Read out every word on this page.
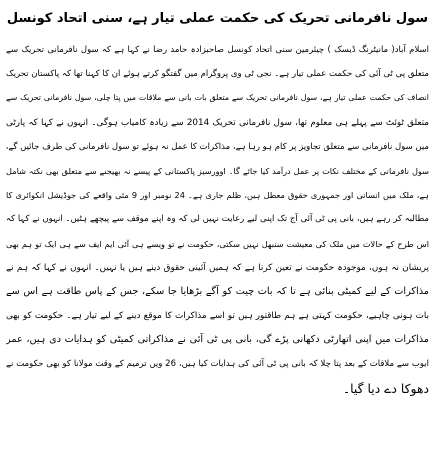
سول نافرمانی تحریک کی حکمت عملی تیار ہے، سنی اتحاد کونسل
اسلام آباد( مانیٹرنگ ڈیسک ) چیئرمین سنی اتحاد کونسل صاحبزادہ حامد رضا نے کہا ہے کہ سول نافرمانی تحریک سے
متعلق پی ٹی آئی کی حکمت عملی تیار ہے۔ نجی ٹی وی پروگرام میں گفتگو کرتے ہوئے ان کا کہنا تھا کہ پاکستان تحریک
انصاف کی حکمت عملی تیار ہے، سول نافرمانی تحریک سے متعلق بات بانی سے ملاقات میں پتا چلی، سول نافرمانی تحریک سے
متعلق ٹوئٹ سے پہلے ہی معلوم تھا، سول نافرمانی تحریک 2014 سے زیادہ کامیاب ہوگی۔ انہوں نے کہا کہ پارٹی
میں سول نافرمانی سے متعلق تجاویز پر کام ہو رہا ہے، مذاکرات کا عمل نہ ہوئے تو سول نافرمانی کی طرف جائیں گے،
سول نافرمانی کے مختلف نکات پر عمل درآمد کیا جائے گا۔ اوورسیز پاکستانی کے پیسے نہ بھیجنے سے متعلق بھی نکتہ شامل
ہے، ملک میں انسانی اور جمہوری حقوق معطل ہیں، ظلم جاری ہے۔ 24 نومبر اور 9 مئی واقعے کی جوڈیشل انکوائری کا
مطالبہ کر رہے ہیں، بانی پی ٹی آئی آج تک اپنی لیے رعایت نہیں لی کہ وہ اپنے موقف سے پیچھے ہٹیں۔ انہوں نے کہا کہ
اس طرح کے حالات میں ملک کی معیشت سنبھل نہیں سکتی، حکومت نے تو ویسے ہی آئی ایم ایف سے ہی ایک تو ہم بھی
پریشان نہ ہوں، موجودہ حکومت نے تعین کرنا ہے کہ ہمیں آئینی حقوق دینے ہیں یا نہیں۔ انہوں نے کہا کہ ہم نے
مذاکرات کے لیے کمیٹی بنائی ہے تا کہ بات چیت کو آگے بڑھایا جا سکے، جس کے پاس طاقت ہے اس سے
بات ہونی چاہیے، حکومت کہتی ہے ہم طاقتور ہیں تو اسے مذاکرات کا موقع دینے کے لیے تیار ہے۔ حکومت کو بھی
مذاکرات میں اپنی اتھارٹی دکھانی پڑے گی، بانی پی ٹی آئی نے مذاکراتی کمیٹی کو ہدایات دی ہیں، عمر
ایوب سے ملاقات کے بعد پتا چلا کہ بانی پی ٹی آئی کی ہدایات کیا ہیں، 26 ویں ترمیم کے وقت مولانا کو بھی حکومت نے
دھوکا دے دیا گیا۔
